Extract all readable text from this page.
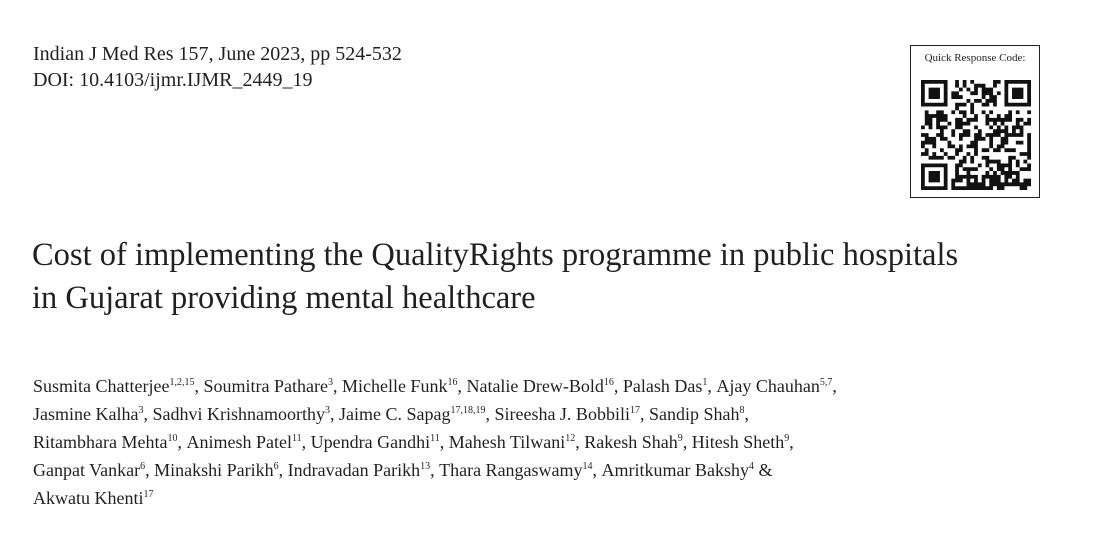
Indian J Med Res 157, June 2023, pp 524-532
DOI: 10.4103/ijmr.IJMR_2449_19
Quick Response Code:
Cost of implementing the QualityRights programme in public hospitals
in Gujarat providing mental healthcare
Susmita Chatterjee$^{1,2,15}$, Soumitra Pathare$^3$, Michelle Funk$^{16}$, Natalie Drew-Bold$^{16}$, Palash Das$^1$, Ajay Chauhan$^{5,7}$,
Jasmine Kalha$^3$, Sadhvi Krishnamoorthy$^3$, Jaime C. Sapag$^{17,18,19}$, Sireesha J. Bobbili$^{17}$, Sandip Shah$^8$,
Ritambhara Mehta$^{10}$, Animesh Patel$^{11}$, Upendra Gandhi$^{11}$, Mahesh Tilwani$^{12}$, Rakesh Shah$^9$, Hitesh Sheth$^9$,
Ganpat Vankar$^6$, Minakshi Parikh$^6$, Indravadan Parikh$^{13}$, Thara Rangaswamy$^{14}$, Amritkumar Bakshy$^4$ &
Akwatu Khenti$^{17}$
